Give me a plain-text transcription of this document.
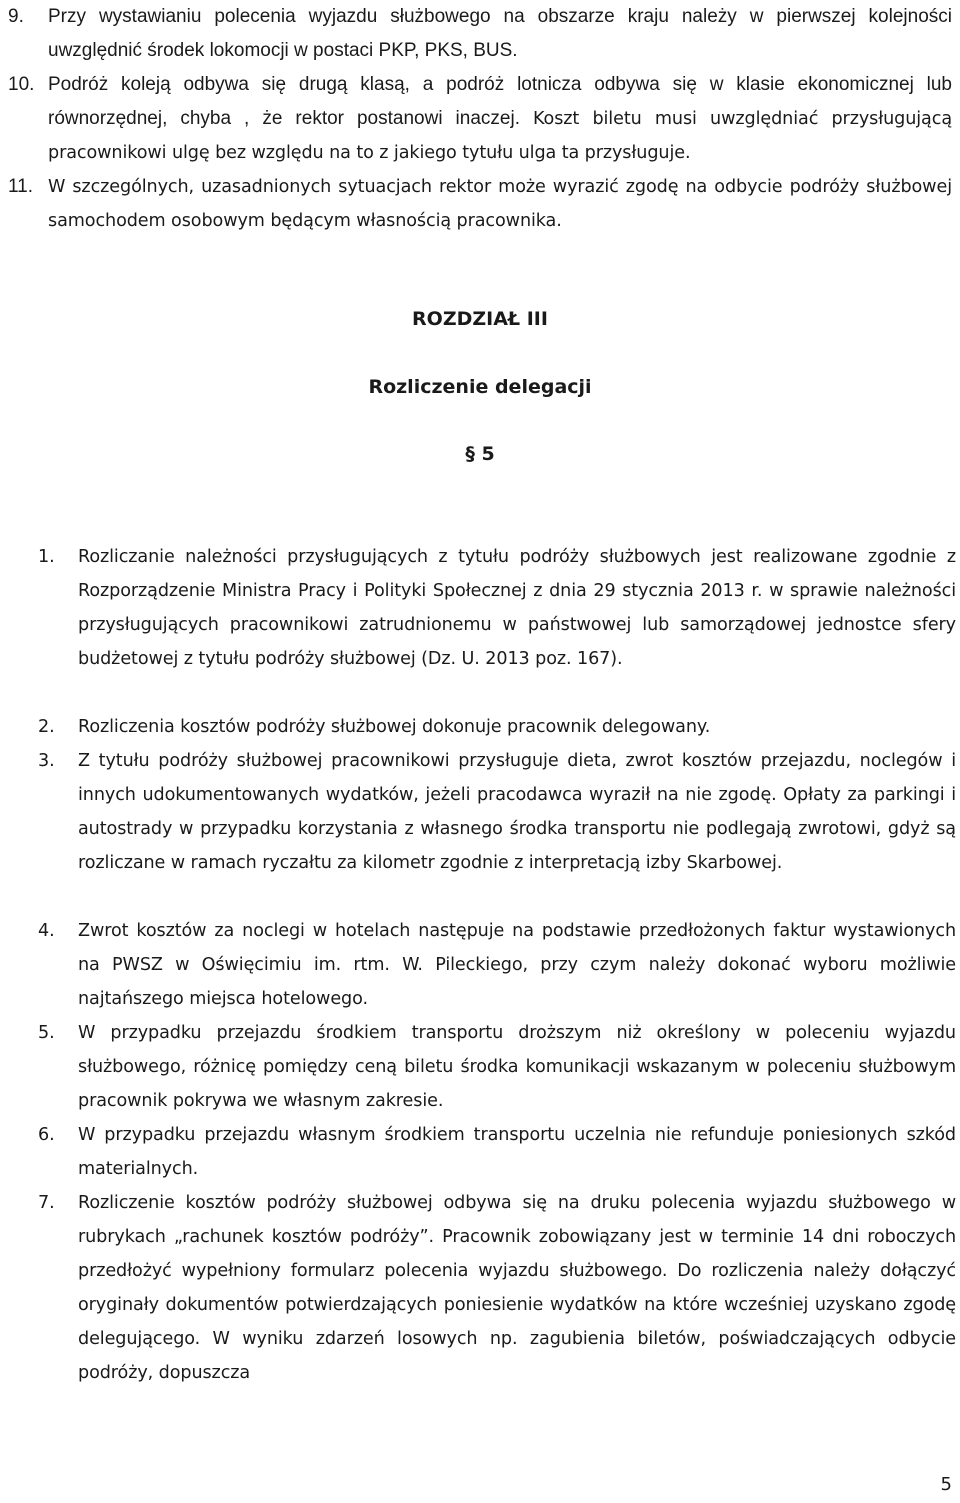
9.	Przy wystawianiu polecenia wyjazdu służbowego na obszarze kraju należy w pierwszej kolejności uwzględnić środek lokomocji w postaci PKP, PKS, BUS.
10. Podróż koleją odbywa się drugą klasą, a podróż lotnicza odbywa się w klasie ekonomicznej lub równorzędnej, chyba , że rektor postanowi inaczej. Koszt biletu musi uwzględniać przysługującą pracownikowi ulgę bez względu na to z jakiego tytułu ulga ta przysługuje.
11. W szczególnych, uzasadnionych sytuacjach rektor może wyrazić zgodę na odbycie podróży służbowej samochodem osobowym będącym własnością pracownika.
ROZDZIAŁ III
Rozliczenie delegacji
§ 5
1.	Rozliczanie należności przysługujących z tytułu podróży służbowych jest realizowane zgodnie z Rozporządzenie Ministra Pracy i Polityki Społecznej z dnia 29 stycznia 2013 r. w sprawie należności przysługujących pracownikowi zatrudnionemu w państwowej lub samorządowej jednostce sfery budżetowej z tytułu podróży służbowej (Dz. U. 2013 poz. 167).
2.	Rozliczenia kosztów podróży służbowej dokonuje pracownik delegowany.
3.	Z tytułu podróży służbowej pracownikowi przysługuje dieta, zwrot kosztów przejazdu, noclegów i innych udokumentowanych wydatków, jeżeli pracodawca wyraził na nie zgodę. Opłaty za parkingi i autostrady w przypadku korzystania z własnego środka transportu nie podlegają zwrotowi, gdyż są rozliczane w ramach ryczałtu za kilometr zgodnie z interpretacją izby Skarbowej.
4.	Zwrot kosztów za noclegi w hotelach następuje na podstawie przedłożonych faktur wystawionych na PWSZ w Oświęcimiu im. rtm. W. Pileckiego, przy czym należy dokonać wyboru możliwie najtańszego miejsca hotelowego.
5.	W przypadku przejazdu środkiem transportu droższym niż określony w poleceniu wyjazdu służbowego, różnicę pomiędzy ceną biletu środka komunikacji wskazanym w poleceniu służbowym pracownik pokrywa we własnym zakresie.
6.	W przypadku przejazdu własnym środkiem transportu uczelnia nie refunduje poniesionych szkód materialnych.
7.	Rozliczenie kosztów podróży służbowej odbywa się na druku polecenia wyjazdu służbowego w rubrykach „rachunek kosztów podróży”. Pracownik zobowiązany jest w terminie 14 dni roboczych przedłożyć wypełniony formularz polecenia wyjazdu służbowego. Do rozliczenia należy dołączyć oryginały dokumentów potwierdzających poniesienie wydatków na które wcześniej uzyskano zgodę delegującego. W wyniku zdarzeń losowych np. zagubienia biletów, poświadczających odbycie podróży, dopuszcza
5
